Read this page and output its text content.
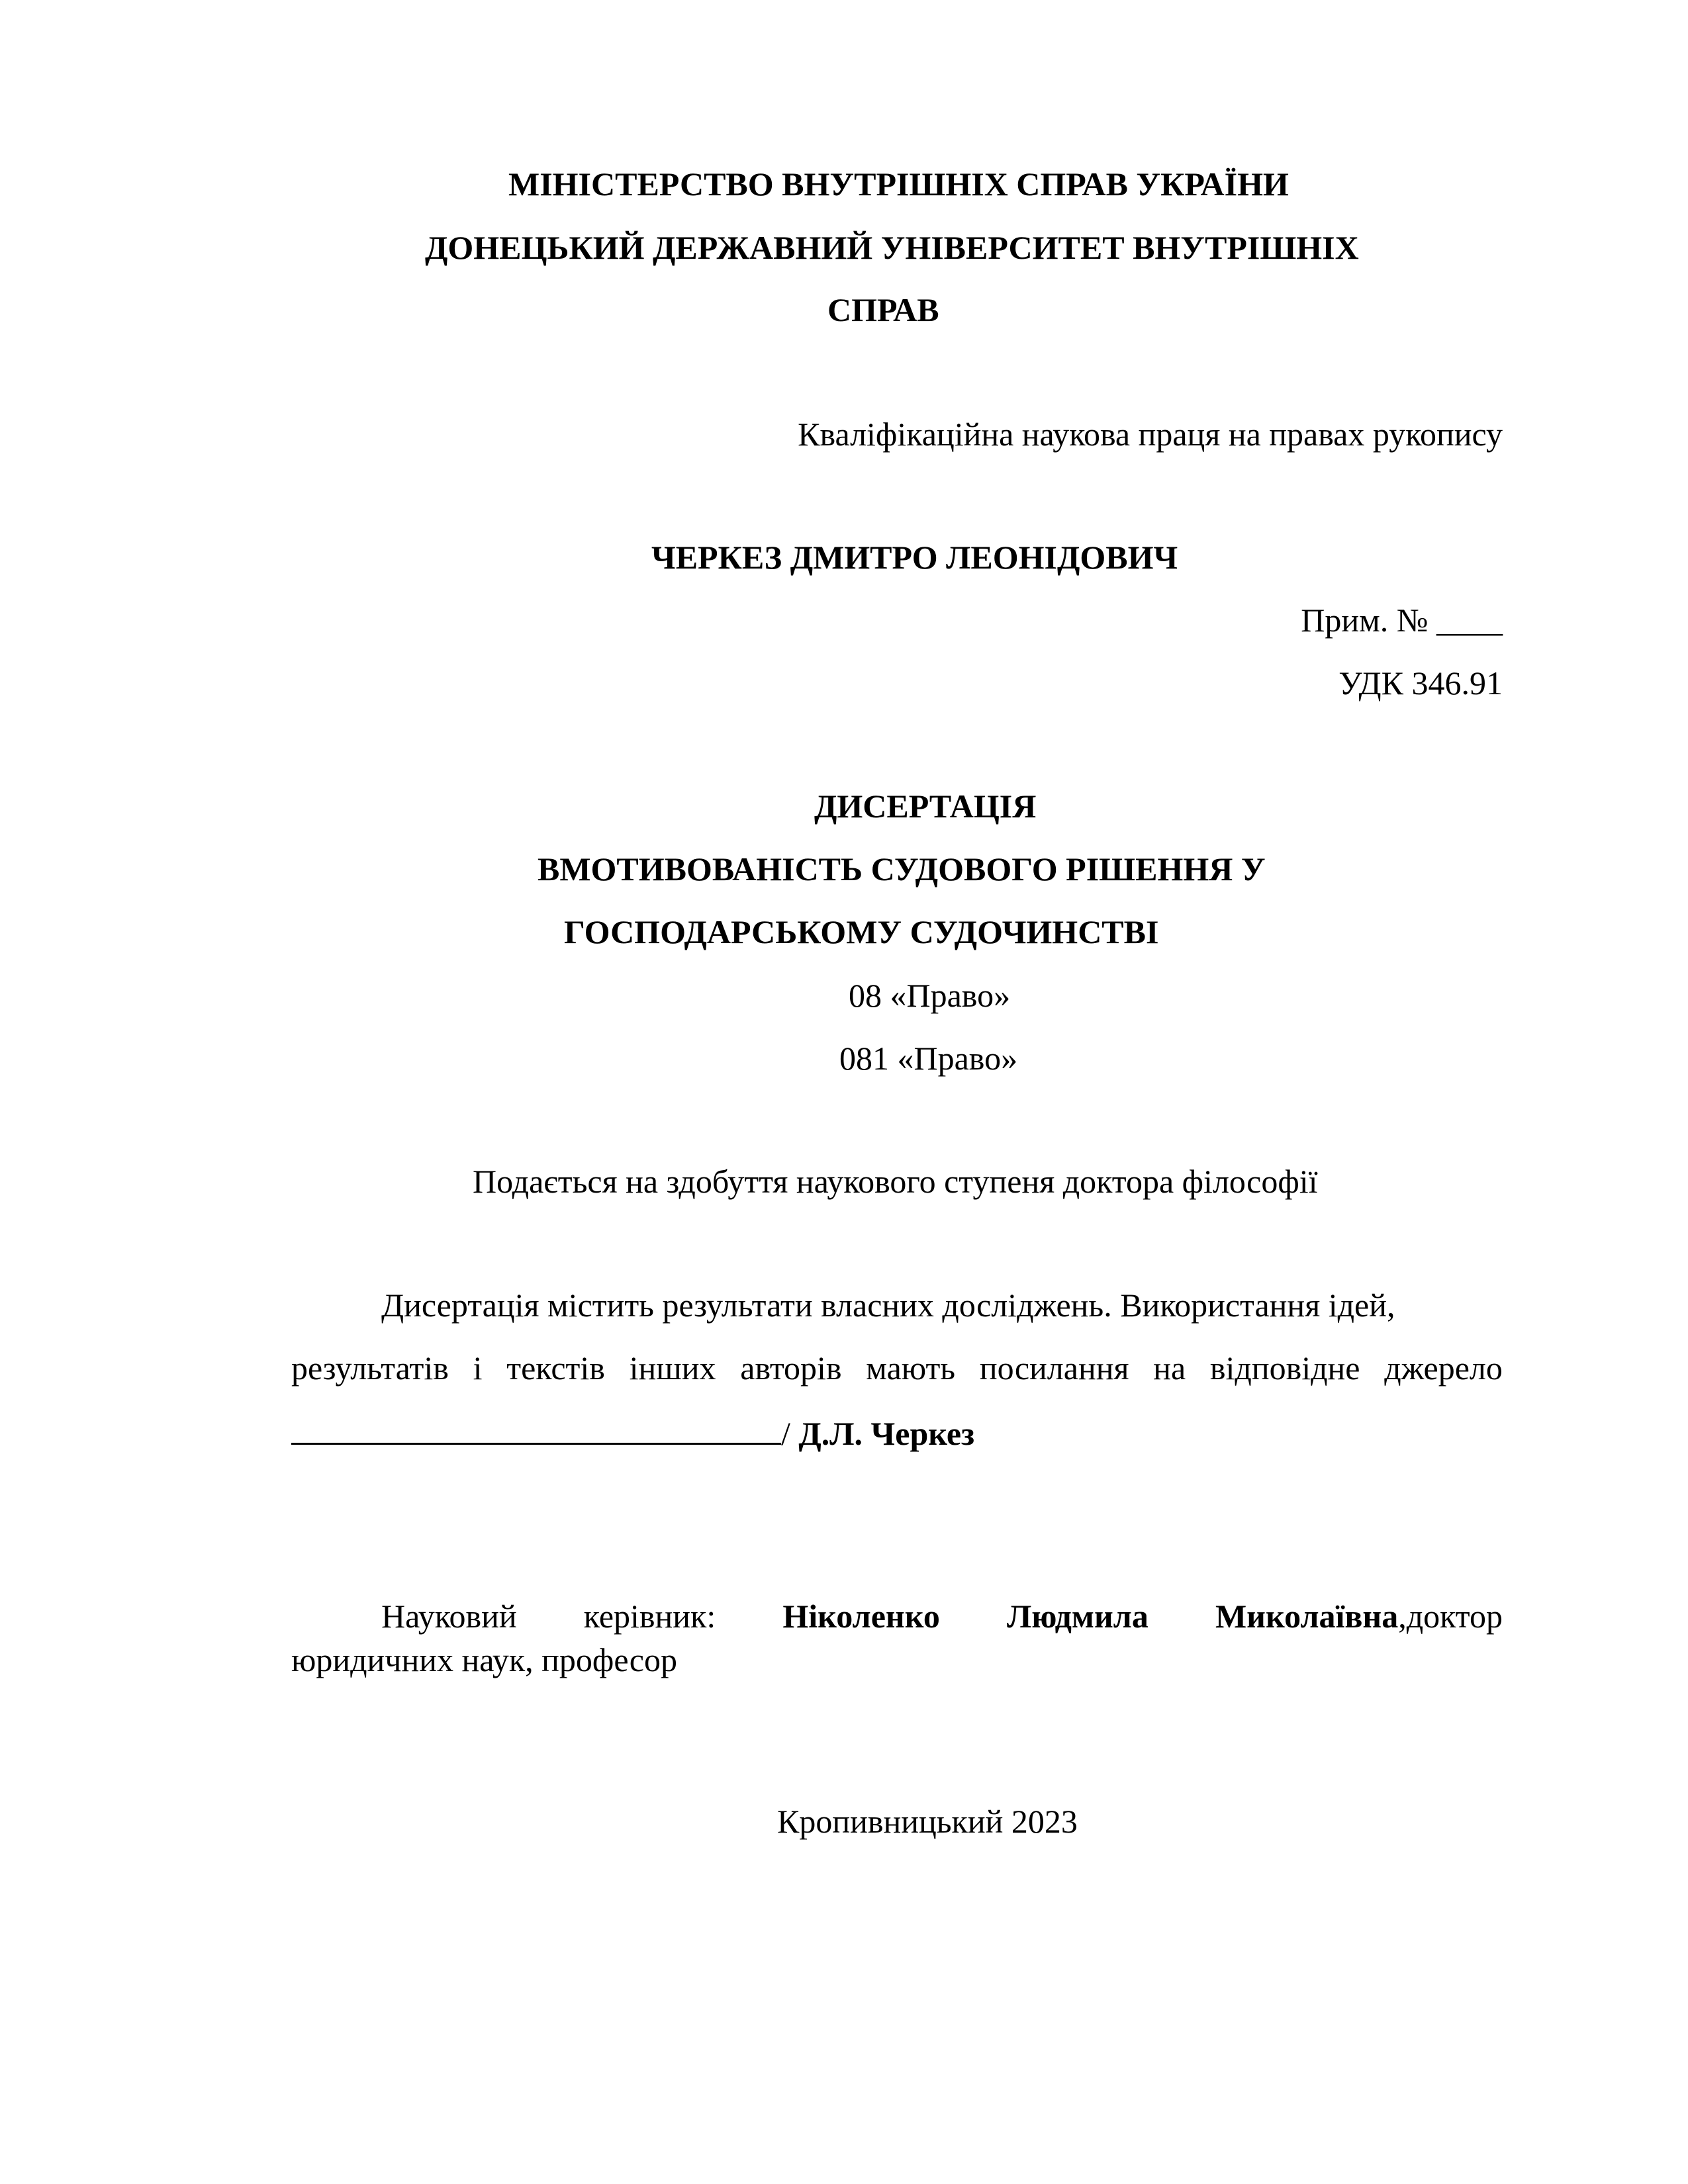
МІНІСТЕРСТВО ВНУТРІШНІХ СПРАВ УКРАЇНИ
ДОНЕЦЬКИЙ ДЕРЖАВНИЙ УНІВЕРСИТЕТ ВНУТРІШНІХ
СПРАВ
Кваліфікаційна наукова праця на правах рукопису
ЧЕРКЕЗ ДМИТРО ЛЕОНІДОВИЧ
Прим. № ____
УДК 346.91
ДИСЕРТАЦІЯ
ВМОТИВОВАНІСТЬ СУДОВОГО РІШЕННЯ У
ГОСПОДАРСЬКОМУ СУДОЧИНСТВІ
08 «Право»
081 «Право»
Подається на здобуття наукового ступеня доктора філософії
Дисертація містить результати власних досліджень. Використання ідей,
результатів і текстів інших авторів мають посилання на відповідне джерело
/ Д.Л. Черкез
Науковий керівник: Ніколенко Людмила Миколаївна,доктор
юридичних наук, професор
Кропивницький 2023
